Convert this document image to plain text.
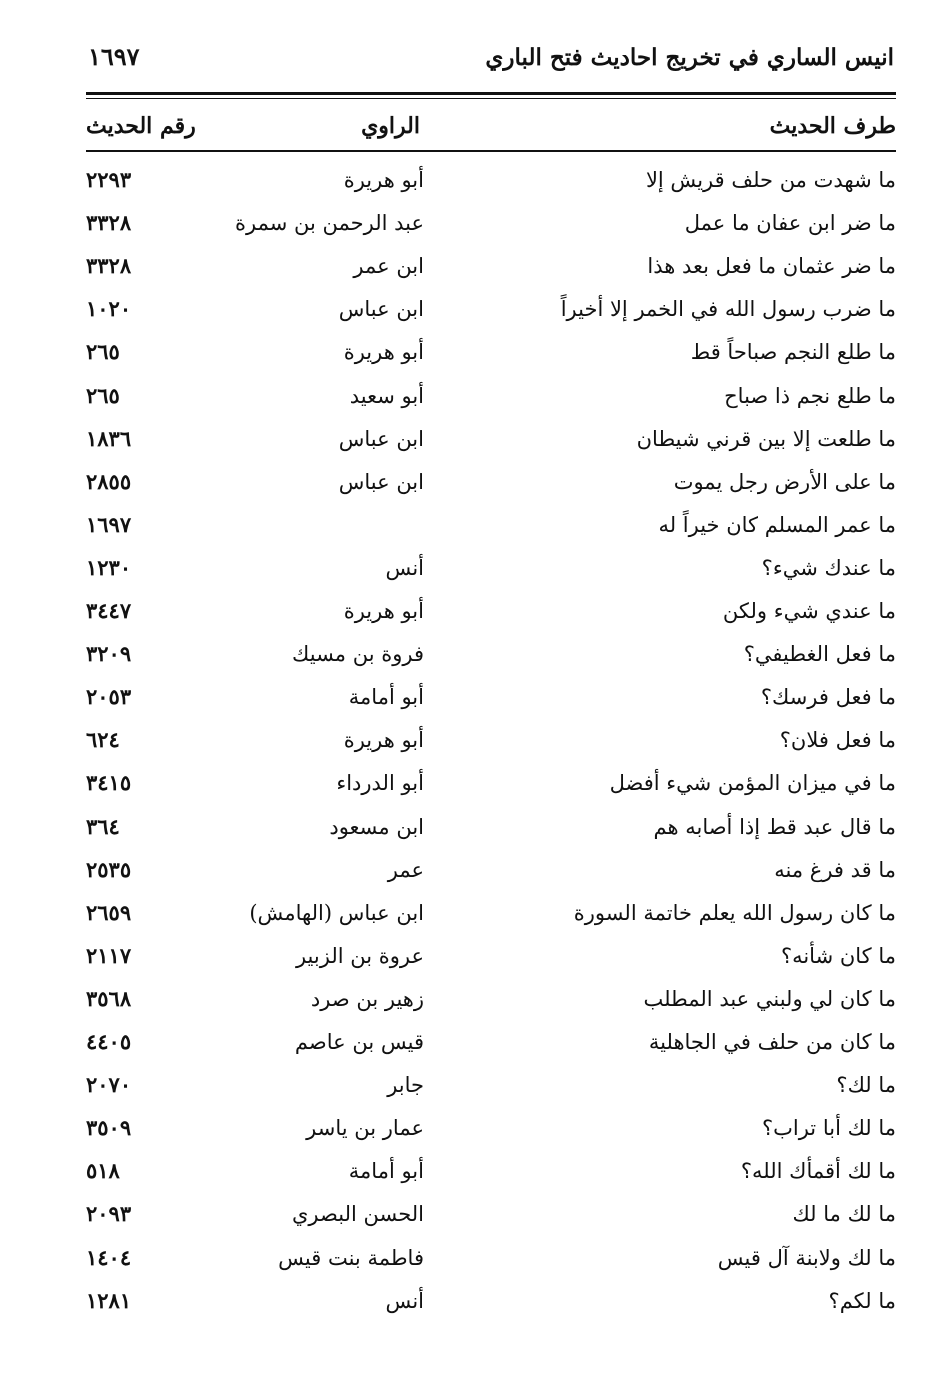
انيس الساري في تخريج احاديث فتح الباري
١٦٩٧
طرف الحديث
الراوي
رقم الحديث
ما شهدت من حلف قريش إلا
أبو هريرة
٢٢٩٣
ما ضر ابن عفان ما عمل
عبد الرحمن بن سمرة
٣٣٢٨
ما ضر عثمان ما فعل بعد هذا
ابن عمر
٣٣٢٨
ما ضرب رسول الله في الخمر إلا أخيراً
ابن عباس
١٠٢٠
ما طلع النجم صباحاً قط
أبو هريرة
٢٦٥
ما طلع نجم ذا صباح
أبو سعيد
٢٦٥
ما طلعت إلا بين قرني شيطان
ابن عباس
١٨٣٦
ما على الأرض رجل يموت
ابن عباس
٢٨٥٥
ما عمر المسلم كان خيراً له
١٦٩٧
ما عندك شيء؟
أنس
١٢٣٠
ما عندي شيء ولكن
أبو هريرة
٣٤٤٧
ما فعل الغطيفي؟
فروة بن مسيك
٣٢٠٩
ما فعل فرسك؟
أبو أمامة
٢٠٥٣
ما فعل فلان؟
أبو هريرة
٦٢٤
ما في ميزان المؤمن شيء أفضل
أبو الدرداء
٣٤١٥
ما قال عبد قط إذا أصابه هم
ابن مسعود
٣٦٤
ما قد فرغ منه
عمر
٢٥٣٥
ما كان رسول الله يعلم خاتمة السورة
ابن عباس (الهامش)
٢٦٥٩
ما كان شأنه؟
عروة بن الزبير
٢١١٧
ما كان لي ولبني عبد المطلب
زهير بن صرد
٣٥٦٨
ما كان من حلف في الجاهلية
قيس بن عاصم
٤٤٠٥
ما لك؟
جابر
٢٠٧٠
ما لك أبا تراب؟
عمار بن ياسر
٣٥٠٩
ما لك أقمأك الله؟
أبو أمامة
٥١٨
ما لك ما لك
الحسن البصري
٢٠٩٣
ما لك ولابنة آل قيس
فاطمة بنت قيس
١٤٠٤
ما لكم؟
أنس
١٢٨١
